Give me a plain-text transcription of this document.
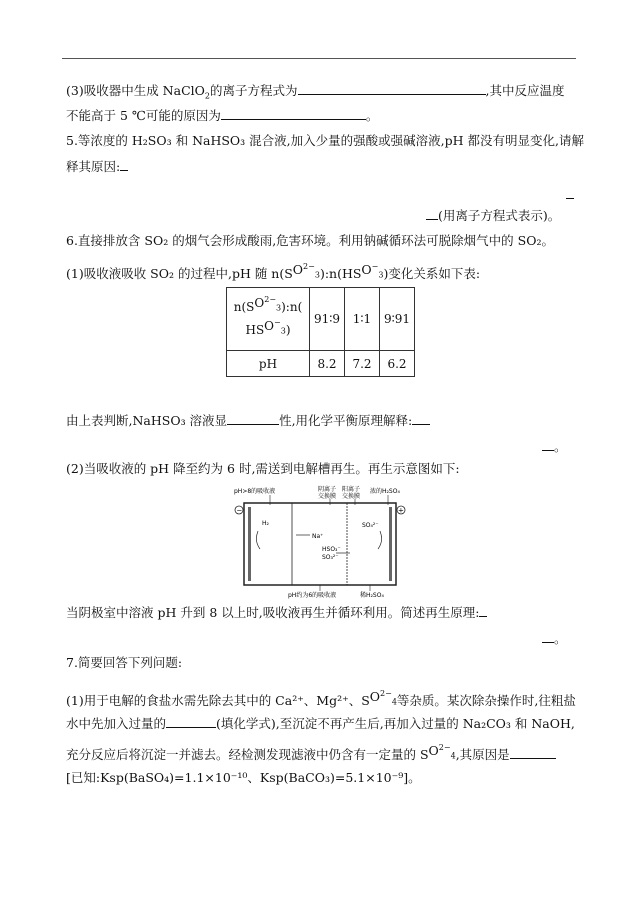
(3)吸收器中生成 NaClO$_2$的离子方程式为	,其中反应温度
不能高于 5 ℃可能的原因为	。
5.等浓度的 H₂SO₃ 和 NaHSO₃ 混合液,加入少量的强酸或强碱溶液,pH 都没有明显变化,请解
释其原因:
(用离子方程式表示)。
6.直接排放含 SO₂ 的烟气会形成酸雨,危害环境。利用钠碱循环法可脱除烟气中的 SO₂。
(1)吸收液吸收 SO₂ 的过程中,pH 随 $n(SO^{2-}_3):n(HSO^-_3)$变化关系如下表:
$n(SO^{2-}_3):n$(
$HSO^-_3$)	91∶9	1∶1	9∶91
pH	8.2	7.2	6.2
由上表判断,NaHSO₃ 溶液显	性,用化学平衡原理解释:
。
(2)当吸收液的 pH 降至约为 6 时,需送到电解槽再生。再生示意图如下:
pH>8的吸收液	阴离子
交换膜
阳离子
交换膜
浓的H₂SO₄
−	+
H₂
Na⁺
SO₄²⁻
HSO₃⁻
SO₃²⁻
pH约为6的吸收液	稀H₂SO₄
当阴极室中溶液 pH 升到 8 以上时,吸收液再生并循环利用。简述再生原理:
。
7.简要回答下列问题:
(1)用于电解的食盐水需先除去其中的 Ca²⁺、Mg²⁺、$SO^{2-}_4$等杂质。某次除杂操作时,往粗盐
水中先加入过量的	(填化学式),至沉淀不再产生后,再加入过量的 Na₂CO₃ 和 NaOH,
充分反应后将沉淀一并滤去。经检测发现滤液中仍含有一定量的 $SO^{2-}_4$,其原因是
[已知:Ksp(BaSO₄)=1.1×10⁻¹⁰、Ksp(BaCO₃)=5.1×10⁻⁹]。
